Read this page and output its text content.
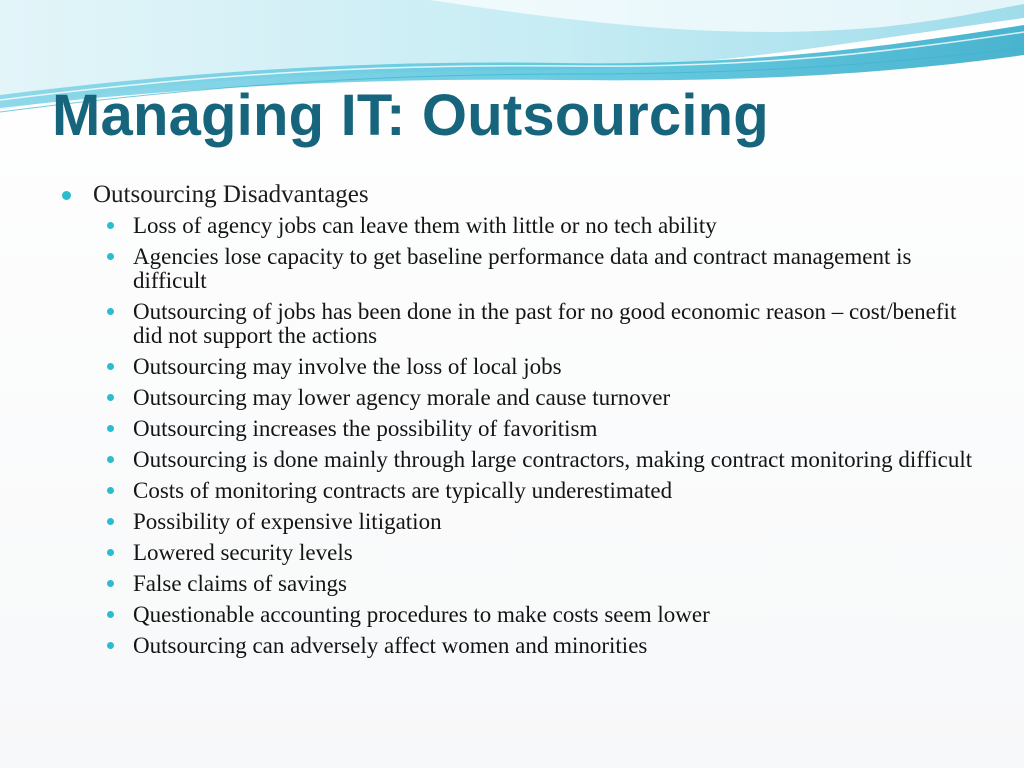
Managing IT: Outsourcing
Outsourcing Disadvantages
Loss of agency jobs can leave them with little or no tech ability
Agencies lose capacity to get baseline performance data and contract management is difficult
Outsourcing of jobs has been done in the past for no good economic reason – cost/benefit did not support the actions
Outsourcing may involve the loss of local jobs
Outsourcing may lower agency morale and cause turnover
Outsourcing increases the possibility of favoritism
Outsourcing is done mainly through large contractors, making contract monitoring difficult
Costs of monitoring contracts are typically underestimated
Possibility of expensive litigation
Lowered security levels
False claims of savings
Questionable accounting procedures to make costs seem lower
Outsourcing can adversely affect women and minorities
